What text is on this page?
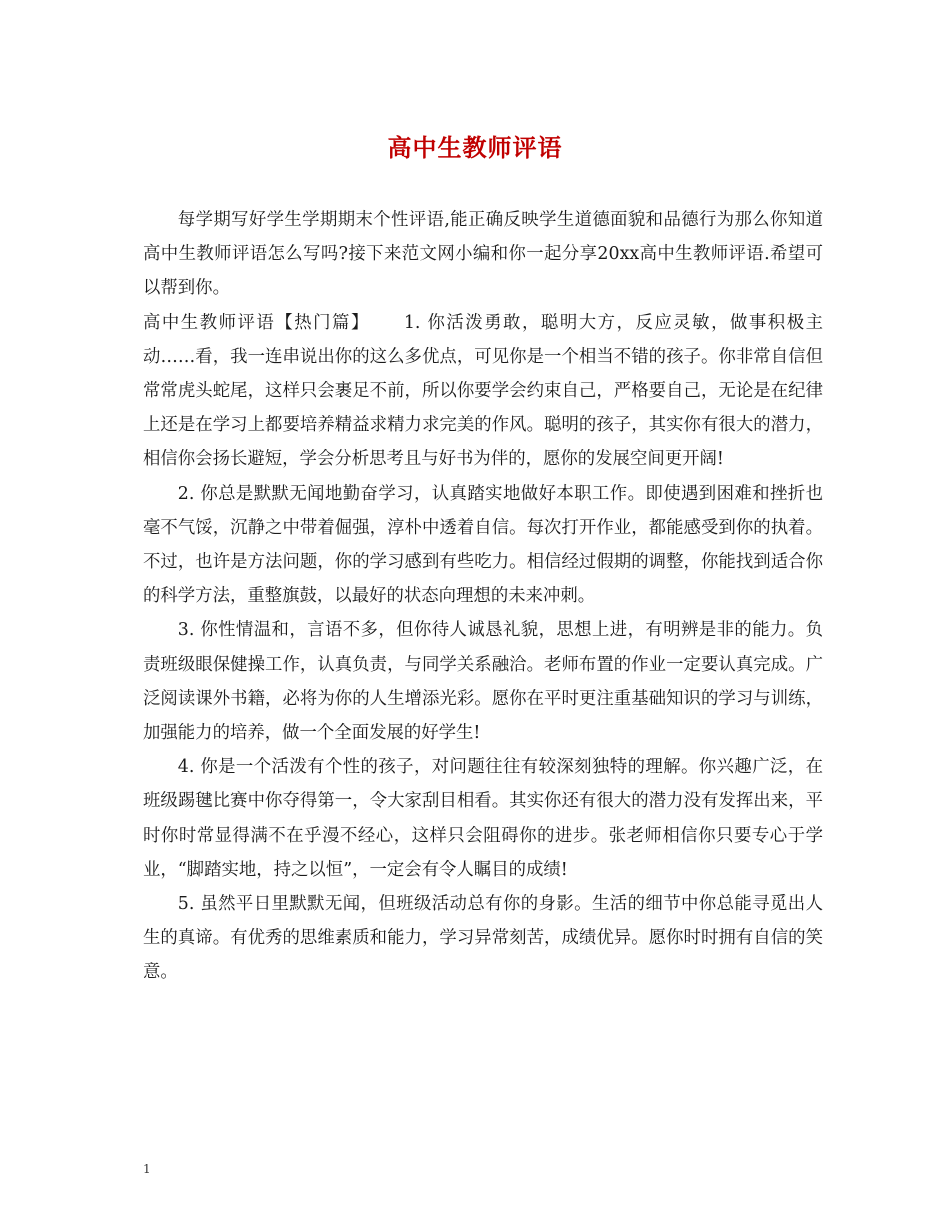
高中生教师评语

每学期写好学生学期期末个性评语,能正确反映学生道德面貌和品德行为那么你知道高中生教师评语怎么写吗?接下来范文网小编和你一起分享20xx高中生教师评语.希望可以帮到你。

高中生教师评语【热门篇】 1. 你活泼勇敢，聪明大方，反应灵敏，做事积极主动……看，我一连串说出你的这么多优点，可见你是一个相当不错的孩子。你非常自信但常常虎头蛇尾，这样只会裹足不前，所以你要学会约束自己，严格要自己，无论是在纪律上还是在学习上都要培养精益求精力求完美的作风。聪明的孩子，其实你有很大的潜力，相信你会扬长避短，学会分析思考且与好书为伴的，愿你的发展空间更开阔!

2. 你总是默默无闻地勤奋学习，认真踏实地做好本职工作。即使遇到困难和挫折也毫不气馁，沉静之中带着倔强，淳朴中透着自信。每次打开作业，都能感受到你的执着。不过，也许是方法问题，你的学习感到有些吃力。相信经过假期的调整，你能找到适合你的科学方法，重整旗鼓，以最好的状态向理想的未来冲刺。

3. 你性情温和，言语不多，但你待人诚恳礼貌，思想上进，有明辨是非的能力。负责班级眼保健操工作，认真负责，与同学关系融洽。老师布置的作业一定要认真完成。广泛阅读课外书籍，必将为你的人生增添光彩。愿你在平时更注重基础知识的学习与训练，加强能力的培养，做一个全面发展的好学生!

4. 你是一个活泼有个性的孩子，对问题往往有较深刻独特的理解。你兴趣广泛，在班级踢毽比赛中你夺得第一，令大家刮目相看。其实你还有很大的潜力没有发挥出来，平时你时常显得满不在乎漫不经心，这样只会阻碍你的进步。张老师相信你只要专心于学业，“脚踏实地，持之以恒”，一定会有令人瞩目的成绩!

5. 虽然平日里默默无闻，但班级活动总有你的身影。生活的细节中你总能寻觅出人生的真谛。有优秀的思维素质和能力，学习异常刻苦，成绩优异。愿你时时拥有自信的笑意。

1
